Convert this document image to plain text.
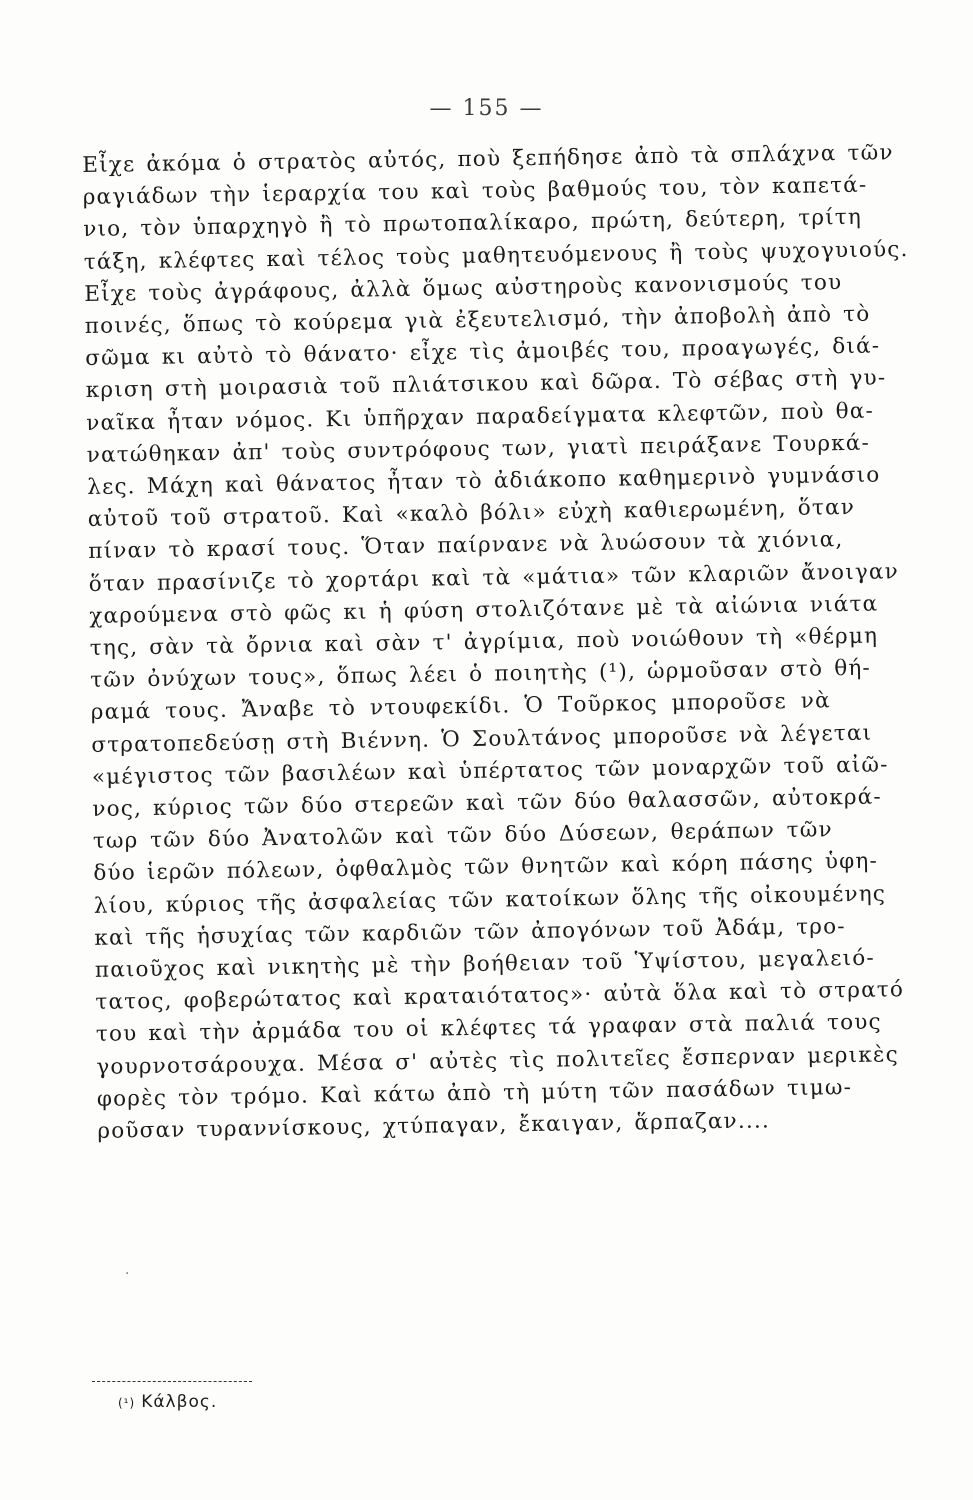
— 155 —
Εἶχε ἀκόμα ὁ στρατὸς αὐτός, ποὺ ξεπήδησε ἀπὸ τὰ σπλάχνα τῶν
ραγιάδων τὴν ἱεραρχία του καὶ τοὺς βαθμούς του, τὸν καπετά-
νιο, τὸν ὑπαρχηγὸ ἢ τὸ πρωτοπαλίκαρο, πρώτη, δεύτερη, τρίτη
τάξη, κλέφτες καὶ τέλος τοὺς μαθητευόμενους ἢ τοὺς ψυχογυιούς.
Εἶχε τοὺς ἀγράφους, ἀλλὰ ὅμως αὐστηροὺς κανονισμούς του
ποινές, ὅπως τὸ κούρεμα γιὰ ἐξευτελισμό, τὴν ἀποβολὴ ἀπὸ τὸ
σῶμα κι αὐτὸ τὸ θάνατο· εἶχε τὶς ἀμοιβές του, προαγωγές, διά-
κριση στὴ μοιρασιὰ τοῦ πλιάτσικου καὶ δῶρα. Τὸ σέβας στὴ γυ-
ναῖκα ἦταν νόμος. Κι ὑπῆρχαν παραδείγματα κλεφτῶν, ποὺ θα-
νατώθηκαν ἀπ' τοὺς συντρόφους των, γιατὶ πειράξανε Τουρκά-
λες. Μάχη καὶ θάνατος ἦταν τὸ ἀδιάκοπο καθημερινὸ γυμνάσιο
αὐτοῦ τοῦ στρατοῦ. Καὶ «καλὸ βόλι» εὐχὴ καθιερωμένη, ὅταν
πίναν τὸ κρασί τους. Ὅταν παίρνανε νὰ λυώσουν τὰ χιόνια,
ὅταν πρασίνιζε τὸ χορτάρι καὶ τὰ «μάτια» τῶν κλαριῶν ἄνοιγαν
χαρούμενα στὸ φῶς κι ἡ φύση στολιζότανε μὲ τὰ αἰώνια νιάτα
της, σὰν τὰ ὄρνια καὶ σὰν τ' ἀγρίμια, ποὺ νοιώθουν τὴ «θέρμη
τῶν ὀνύχων τους», ὅπως λέει ὁ ποιητὴς (¹), ὡρμοῦσαν στὸ θή-
ραμά τους. Ἄναβε τὸ ντουφεκίδι. Ὁ Τοῦρκος μποροῦσε νὰ
στρατοπεδεύσῃ στὴ Βιέννη. Ὁ Σουλτάνος μποροῦσε νὰ λέγεται
«μέγιστος τῶν βασιλέων καὶ ὑπέρτατος τῶν μοναρχῶν τοῦ αἰῶ-
νος, κύριος τῶν δύο στερεῶν καὶ τῶν δύο θαλασσῶν, αὐτοκρά-
τωρ τῶν δύο Ἀνατολῶν καὶ τῶν δύο Δύσεων, θεράπων τῶν
δύο ἱερῶν πόλεων, ὀφθαλμὸς τῶν θνητῶν καὶ κόρη πάσης ὑφη-
λίου, κύριος τῆς ἀσφαλείας τῶν κατοίκων ὅλης τῆς οἰκουμένης
καὶ τῆς ἡσυχίας τῶν καρδιῶν τῶν ἀπογόνων τοῦ Ἀδάμ, τρο-
παιοῦχος καὶ νικητὴς μὲ τὴν βοήθειαν τοῦ Ὑψίστου, μεγαλειό-
τατος, φοβερώτατος καὶ κραταιότατος»· αὐτὰ ὅλα καὶ τὸ στρατό
του καὶ τὴν ἀρμάδα του οἱ κλέφτες τά γραφαν στὰ παλιά τους
γουρνοτσάρουχα. Μέσα σ' αὐτὲς τὶς πολιτεῖες ἔσπερναν μερικὲς
φορὲς τὸν τρόμο. Καὶ κάτω ἀπὸ τὴ μύτη τῶν πασάδων τιμω-
ροῦσαν τυραννίσκους, χτύπαγαν, ἔκαιγαν, ἅρπαζαν....
·
(¹) Κάλβος.
